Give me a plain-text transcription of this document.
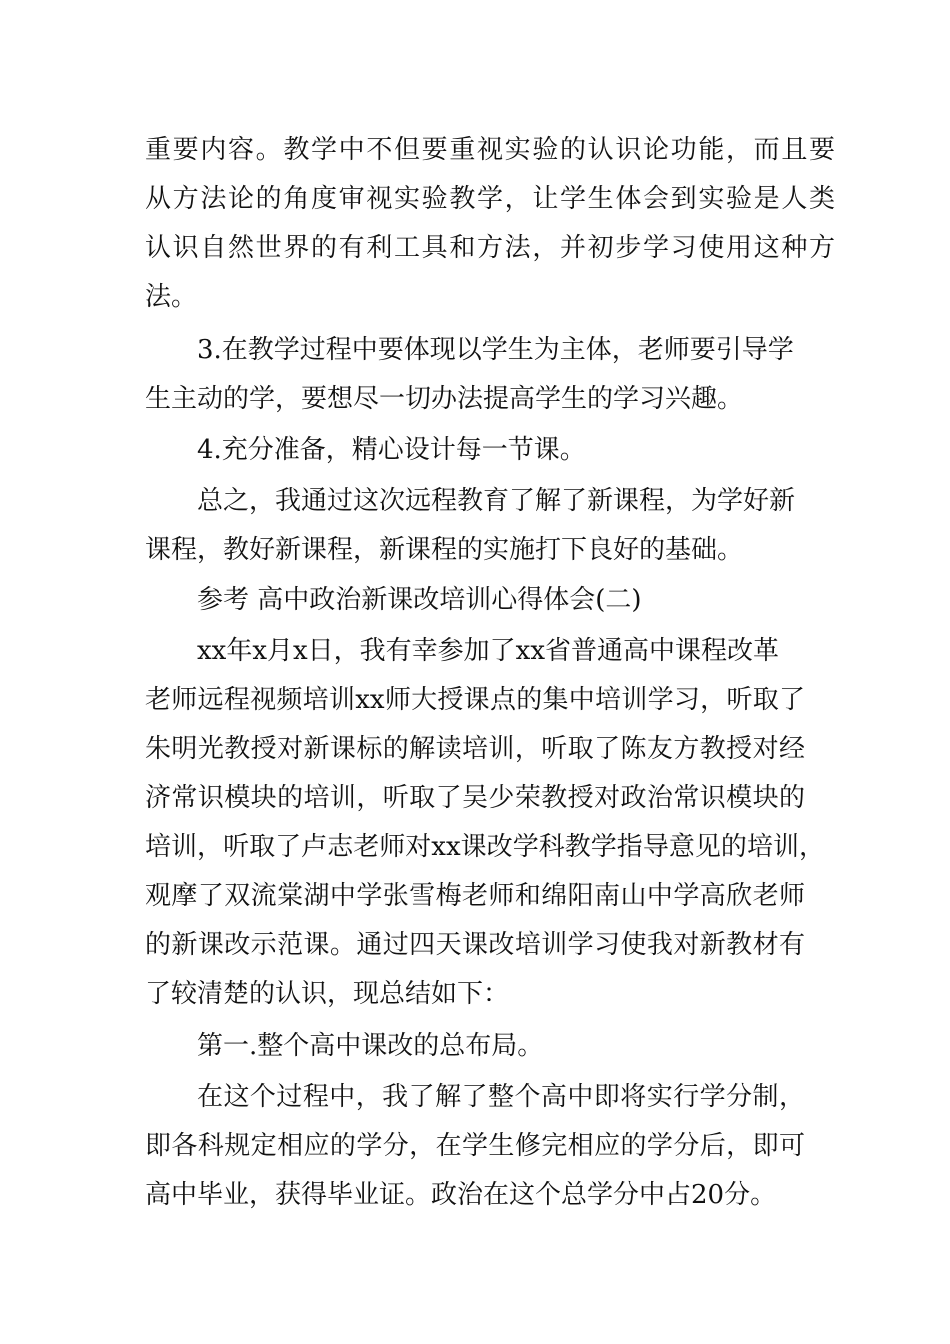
重要内容。教学中不但要重视实验的认识论功能，而且要
从方法论的角度审视实验教学，让学生体会到实验是人类
认识自然世界的有利工具和方法，并初步学习使用这种方
法。
3.在教学过程中要体现以学生为主体，老师要引导学
生主动的学，要想尽一切办法提高学生的学习兴趣。
4.充分准备，精心设计每一节课。
总之，我通过这次远程教育了解了新课程，为学好新
课程，教好新课程，新课程的实施打下良好的基础。
参考 高中政治新课改培训心得体会(二)
xx年x月x日，我有幸参加了xx省普通高中课程改革
老师远程视频培训xx师大授课点的集中培训学习，听取了
朱明光教授对新课标的解读培训，听取了陈友方教授对经
济常识模块的培训，听取了吴少荣教授对政治常识模块的
培训，听取了卢志老师对xx课改学科教学指导意见的培训，
观摩了双流棠湖中学张雪梅老师和绵阳南山中学高欣老师
的新课改示范课。通过四天课改培训学习使我对新教材有
了较清楚的认识，现总结如下：
第一.整个高中课改的总布局。
在这个过程中，我了解了整个高中即将实行学分制，
即各科规定相应的学分，在学生修完相应的学分后，即可
高中毕业，获得毕业证。政治在这个总学分中占20分。
